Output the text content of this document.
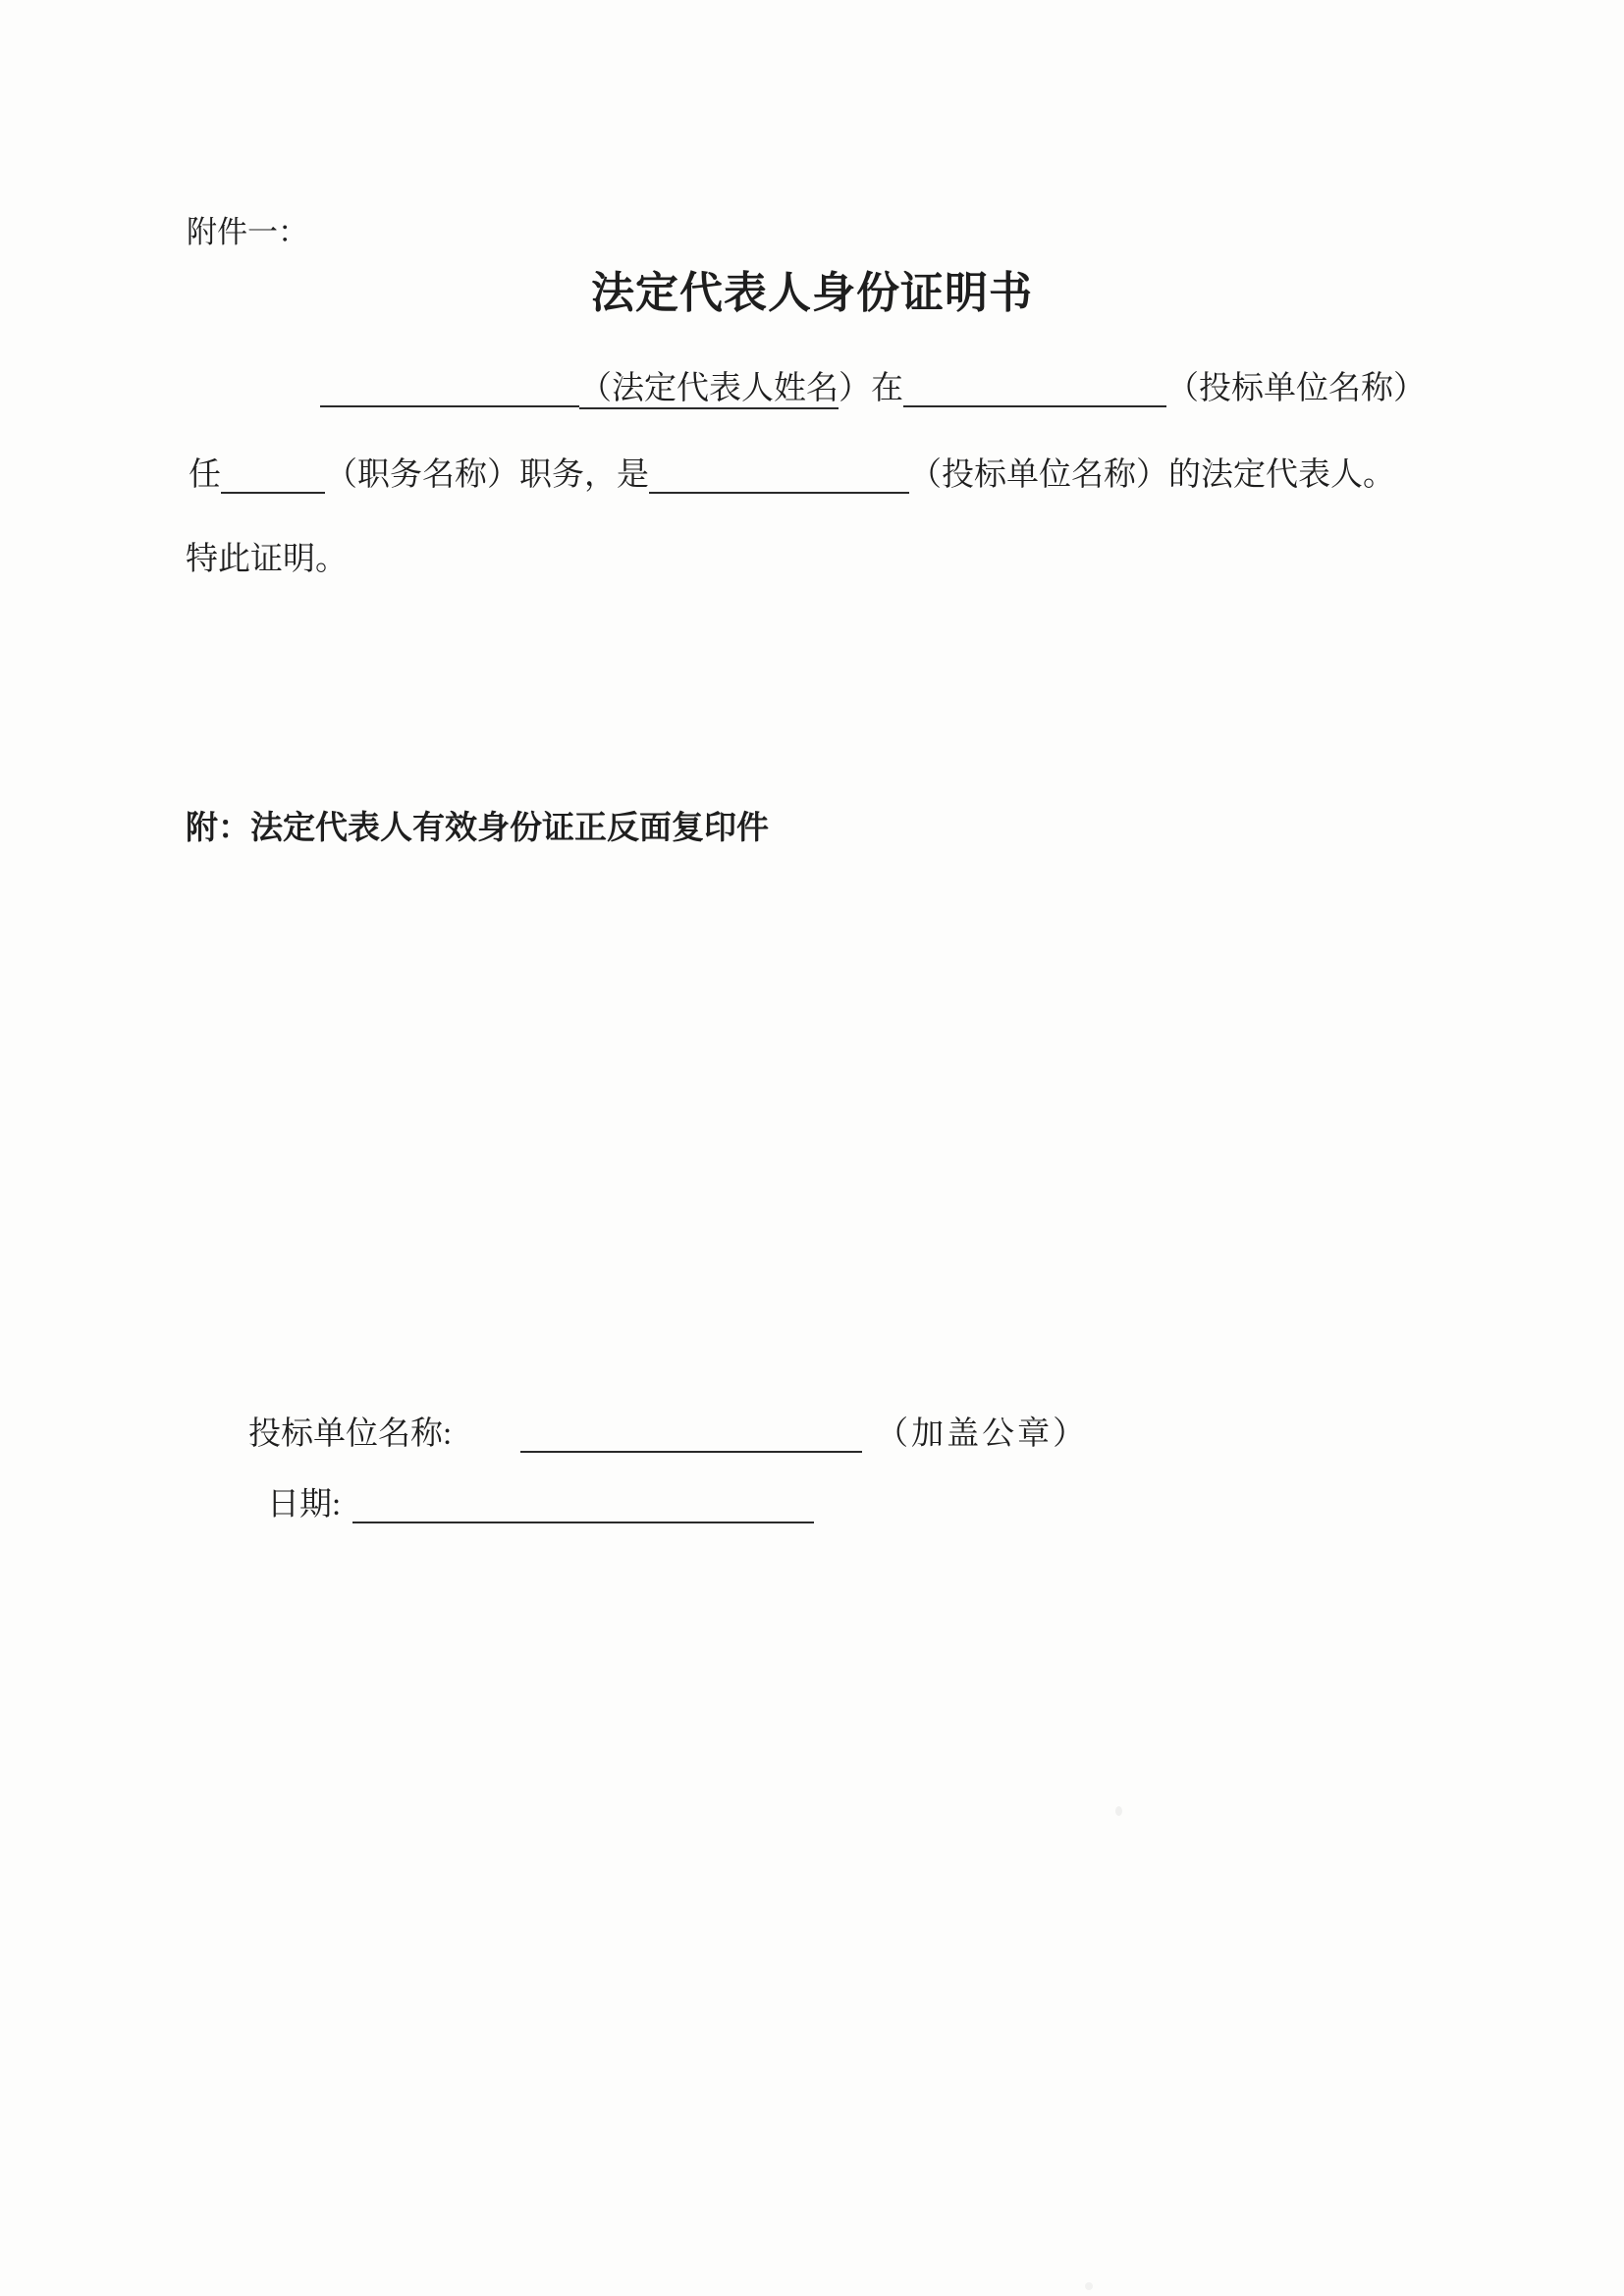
附件一：
法定代表人身份证明书
（法定代表人姓名）在	（投标单位名称）
任	（职务名称）职务，是	（投标单位名称）的法定代表人。
特此证明。
附：法定代表人有效身份证正反面复印件
投标单位名称:	（加盖公章）
日期:
